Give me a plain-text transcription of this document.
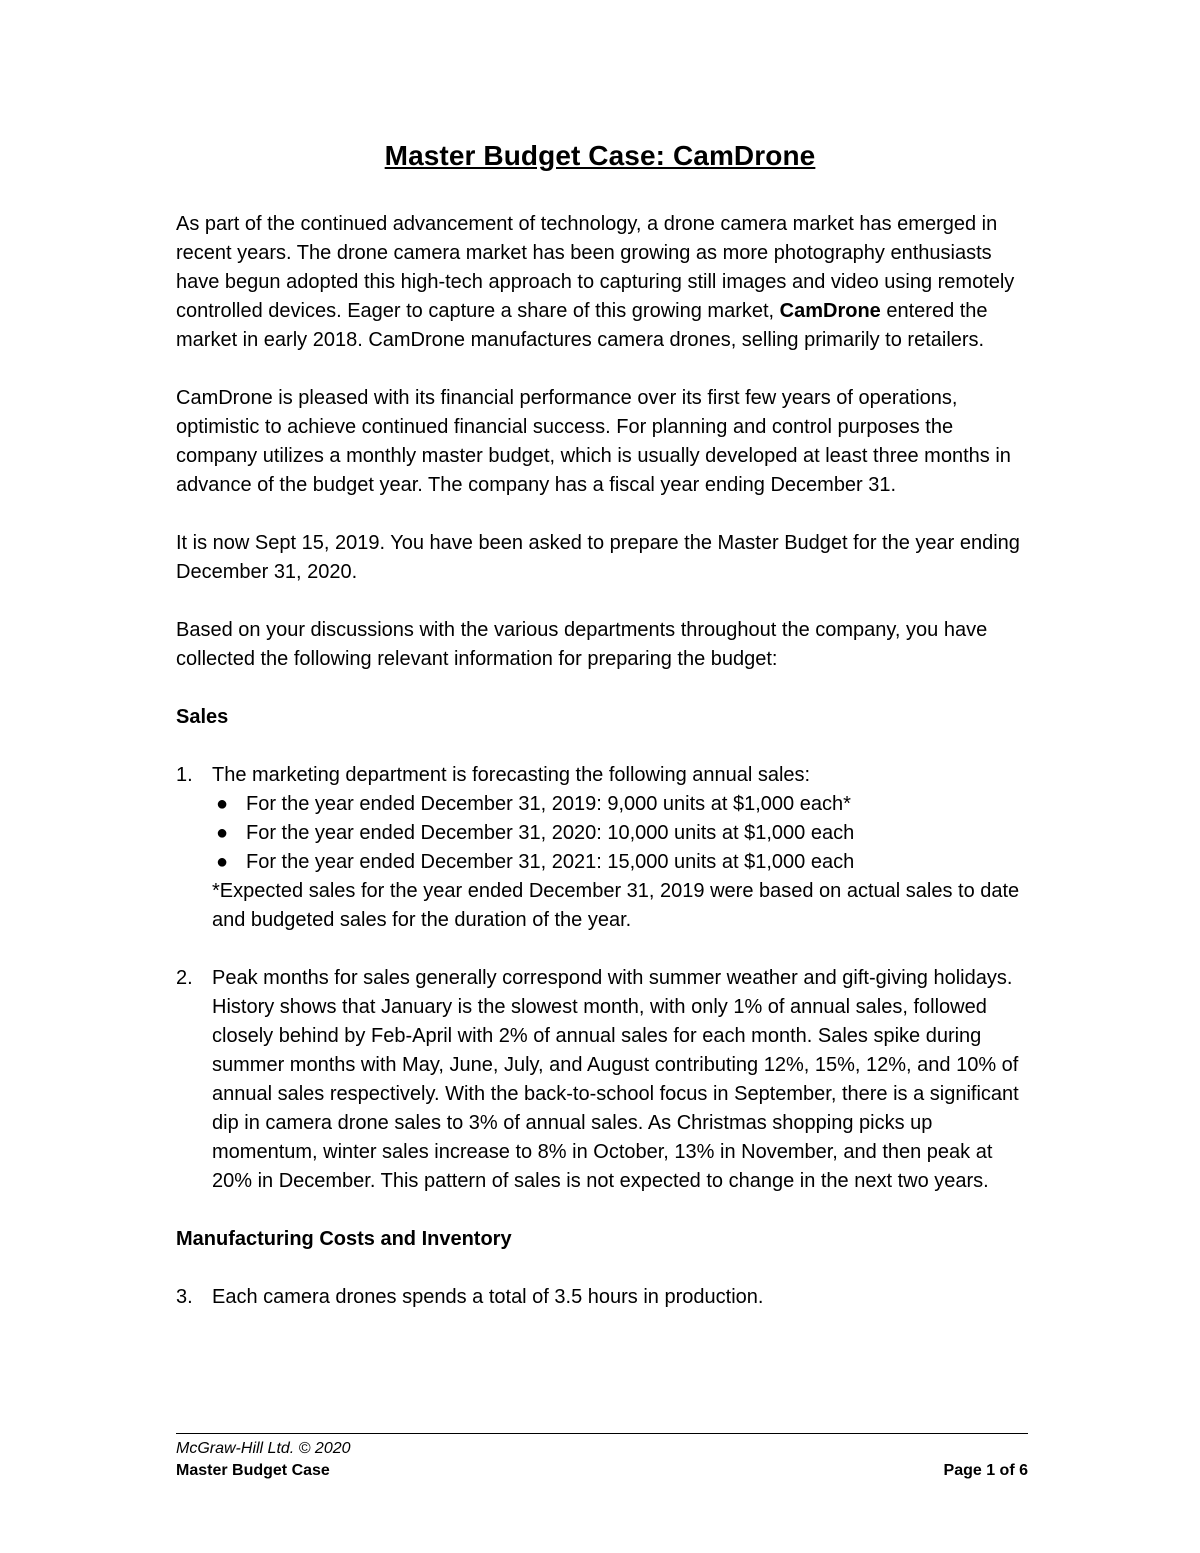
Master Budget Case: CamDrone

As part of the continued advancement of technology, a drone camera market has emerged in recent years. The drone camera market has been growing as more photography enthusiasts have begun adopted this high-tech approach to capturing still images and video using remotely controlled devices. Eager to capture a share of this growing market, CamDrone entered the market in early 2018. CamDrone manufactures camera drones, selling primarily to retailers.

CamDrone is pleased with its financial performance over its first few years of operations, optimistic to achieve continued financial success. For planning and control purposes the company utilizes a monthly master budget, which is usually developed at least three months in advance of the budget year. The company has a fiscal year ending December 31.

It is now Sept 15, 2019. You have been asked to prepare the Master Budget for the year ending December 31, 2020.

Based on your discussions with the various departments throughout the company, you have collected the following relevant information for preparing the budget:

Sales
1. The marketing department is forecasting the following annual sales:
● For the year ended December 31, 2019: 9,000 units at $1,000 each*
● For the year ended December 31, 2020: 10,000 units at $1,000 each
● For the year ended December 31, 2021: 15,000 units at $1,000 each
*Expected sales for the year ended December 31, 2019 were based on actual sales to date and budgeted sales for the duration of the year.
2. Peak months for sales generally correspond with summer weather and gift-giving holidays. History shows that January is the slowest month, with only 1% of annual sales, followed closely behind by Feb-April with 2% of annual sales for each month. Sales spike during summer months with May, June, July, and August contributing 12%, 15%, 12%, and 10% of annual sales respectively. With the back-to-school focus in September, there is a significant dip in camera drone sales to 3% of annual sales. As Christmas shopping picks up momentum, winter sales increase to 8% in October, 13% in November, and then peak at 20% in December. This pattern of sales is not expected to change in the next two years.
Manufacturing Costs and Inventory
3. Each camera drones spends a total of 3.5 hours in production.
McGraw-Hill Ltd. © 2020
Master Budget Case	Page 1 of 6
